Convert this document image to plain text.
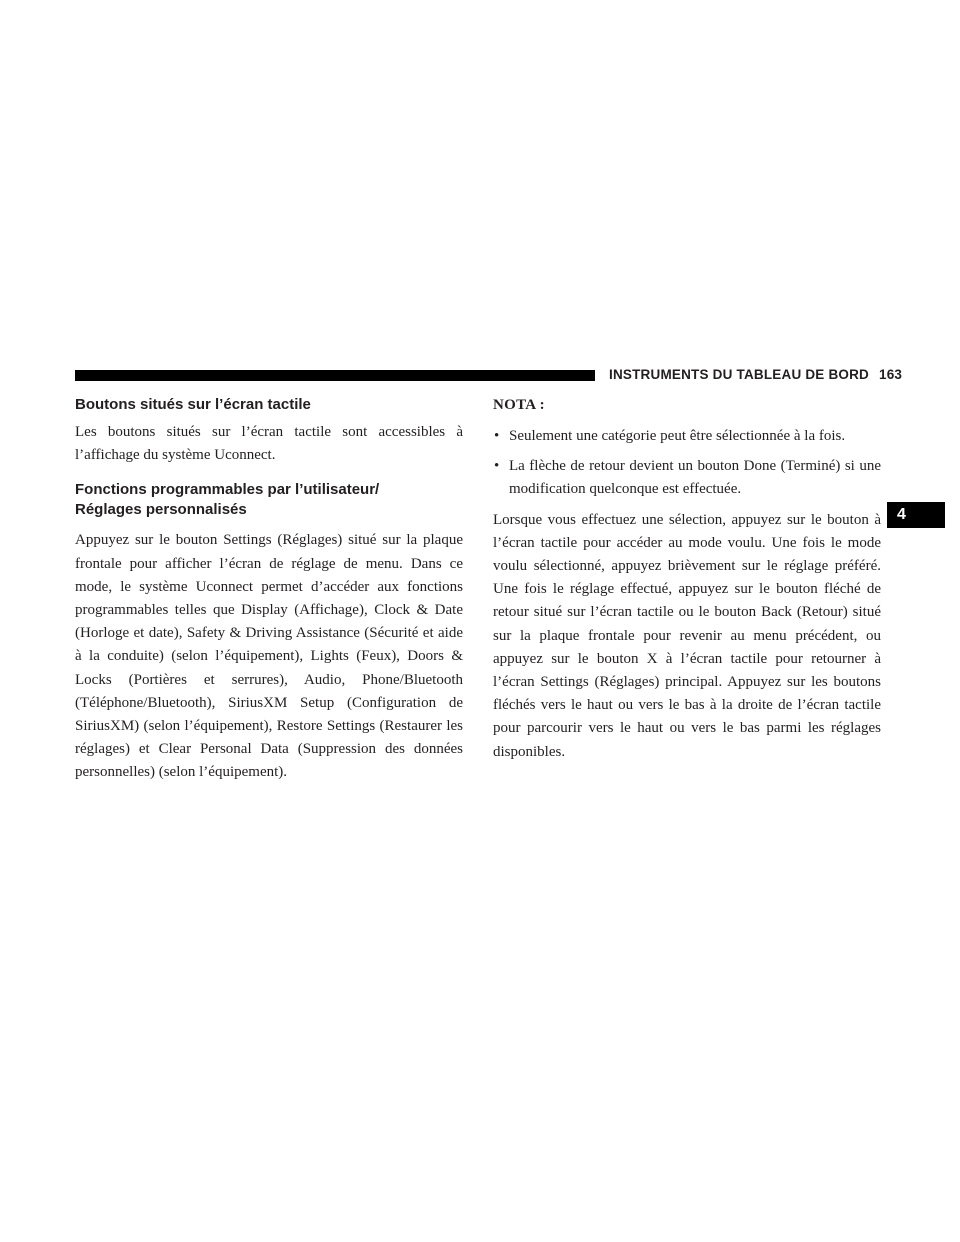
INSTRUMENTS DU TABLEAU DE BORD 163
4
Boutons situés sur l’écran tactile

Les boutons situés sur l’écran tactile sont accessibles à l’affichage du système Uconnect.

Fonctions programmables par l’utilisateur/
Réglages personnalisés

Appuyez sur le bouton Settings (Réglages) situé sur la plaque frontale pour afficher l’écran de réglage de menu. Dans ce mode, le système Uconnect permet d’accéder aux fonctions programmables telles que Display (Affichage), Clock & Date (Horloge et date), Safety & Driving Assistance (Sécurité et aide à la conduite) (selon l’équipement), Lights (Feux), Doors & Locks (Portières et serrures), Audio, Phone/Bluetooth (Téléphone/Bluetooth), SiriusXM Setup (Configuration de SiriusXM) (selon l’équipement), Restore Settings (Restaurer les réglages) et Clear Personal Data (Suppression des données personnelles) (selon l’équipement).

NOTA :
• Seulement une catégorie peut être sélectionnée à la fois.
• La flèche de retour devient un bouton Done (Terminé) si une modification quelconque est effectuée.

Lorsque vous effectuez une sélection, appuyez sur le bouton à l’écran tactile pour accéder au mode voulu. Une fois le mode voulu sélectionné, appuyez brièvement sur le réglage préféré. Une fois le réglage effectué, appuyez sur le bouton fléché de retour situé sur l’écran tactile ou le bouton Back (Retour) situé sur la plaque frontale pour revenir au menu précédent, ou appuyez sur le bouton X à l’écran tactile pour retourner à l’écran Settings (Réglages) principal. Appuyez sur les boutons fléchés vers le haut ou vers le bas à la droite de l’écran tactile pour parcourir vers le haut ou vers le bas parmi les réglages disponibles.
